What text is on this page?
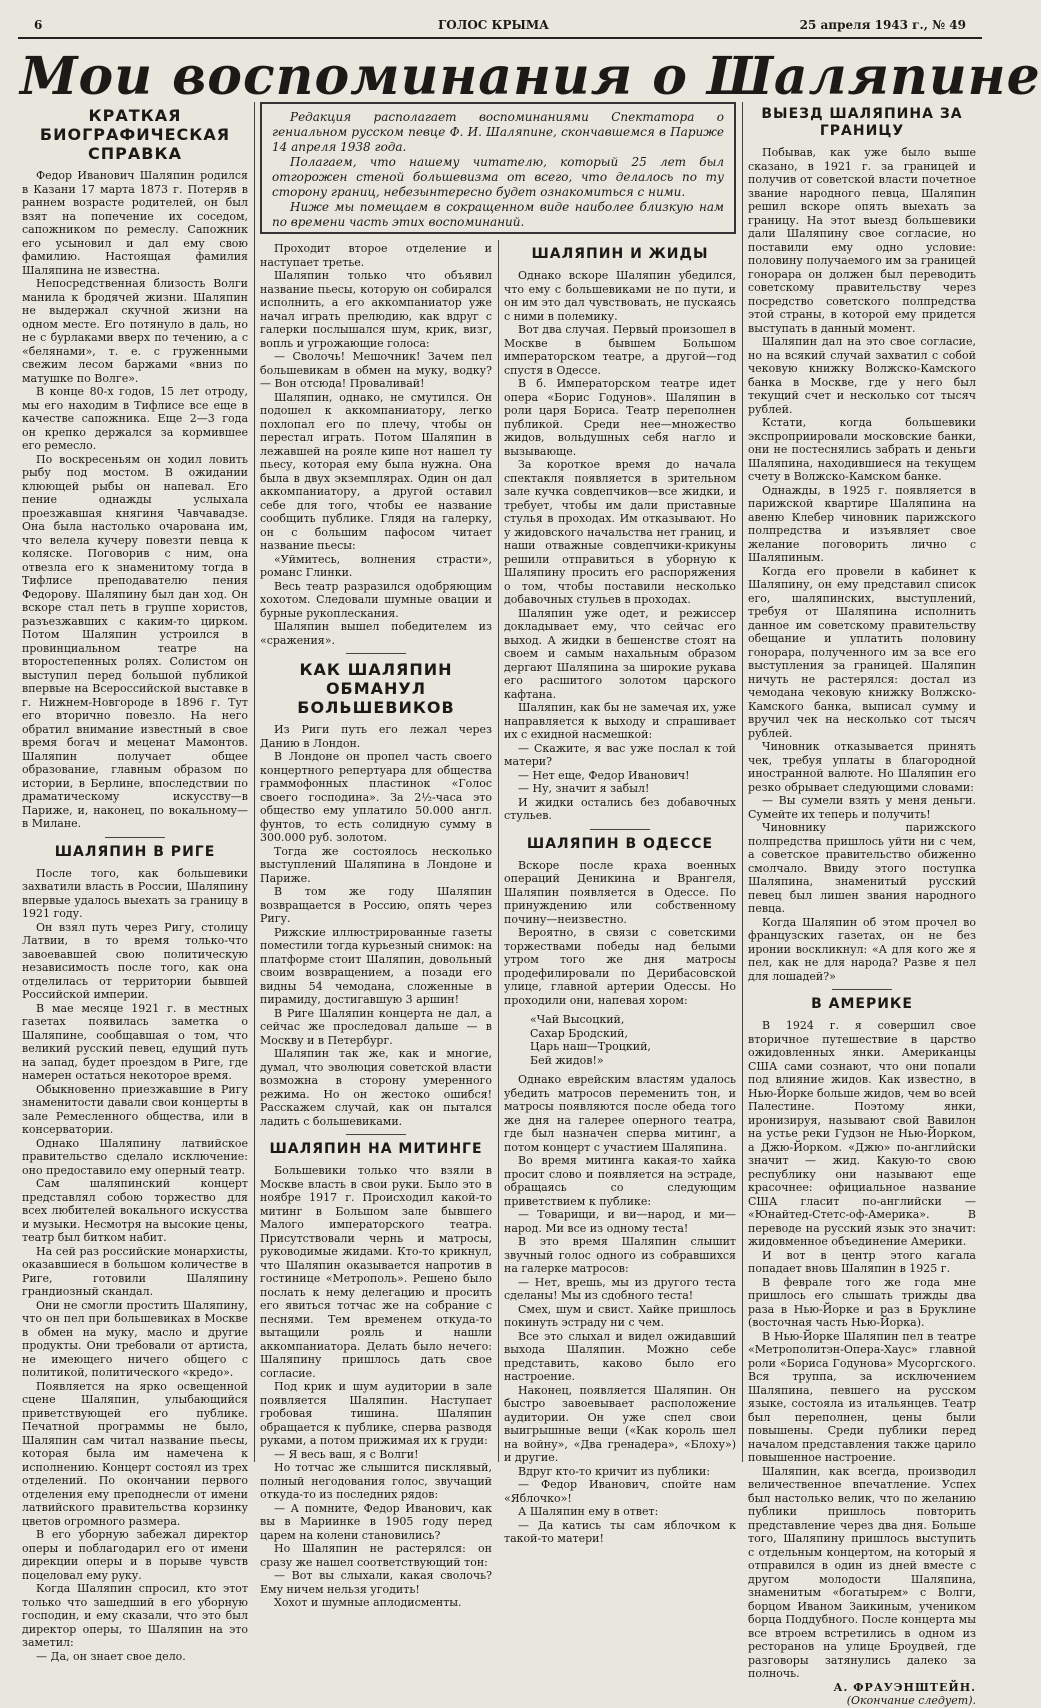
6	ГОЛОС КРЫМА	25 апреля 1943 г., № 49
Мои воспоминания о Шаляпине

Редакция располагает воспоминаниями Спектатора о гениальном русском певце Ф. И. Шаляпине, скончавшемся в Париже 14 апреля 1938 года.

Полагаем, что нашему читателю, который 25 лет был отгорожен стеной большевизма от всего, что делалось по ту сторону границ, небезынтересно будет ознакомиться с ними.

Ниже мы помещаем в сокращенном виде наиболее близкую нам по времени часть этих воспоминаний.

КРАТКАЯ БИОГРАФИЧЕСКАЯ СПРАВКА

Федор Иванович Шаляпин родился в Казани 17 марта 1873 г. Потеряв в раннем возрасте родителей, он был взят на попечение их соседом, сапожником по ремеслу. Сапожник его усыновил и дал ему свою фамилию. Настоящая фамилия Шаляпина не известна.

Непосредственная близость Волги манила к бродячей жизни. Шаляпин не выдержал скучной жизни на одном месте. Его потянуло в даль, но не с бурлаками вверх по течению, а с «белянами», т. е. с груженными свежим лесом баржами «вниз по матушке по Волге».

В конце 80-х годов, 15 лет отроду, мы его находим в Тифлисе все еще в качестве сапожника. Еще 2—3 года он крепко держался за кормившее его ремесло.

По воскресеньям он ходил ловить рыбу под мостом. В ожидании клюющей рыбы он напевал. Его пение однажды услыхала проезжавшая княгиня Чавчавадзе. Она была настолько очарована им, что велела кучеру повезти певца к коляске. Поговорив с ним, она отвезла его к знаменитому тогда в Тифлисе преподавателю пения Федорову. Шаляпину был дан ход. Он вскоре стал петь в группе хористов, разъезжавших с каким-то цирком. Потом Шаляпин устроился в провинциальном театре на второстепенных ролях. Солистом он выступил перед большой публикой впервые на Всероссийской выставке в г. Нижнем-Новгороде в 1896 г. Тут его вторично повезло. На него обратил внимание известный в свое время богач и меценат Мамонтов. Шаляпин получает общее образование, главным образом по истории, в Берлине, впоследствии по драматическому искусству—в Париже, и, наконец, по вокальному—в Милане.

ШАЛЯПИН В РИГЕ

После того, как большевики захватили власть в России, Шаляпину впервые удалось выехать за границу в 1921 году.

Он взял путь через Ригу, столицу Латвии, в то время только-что завоевавшей свою политическую независимость после того, как она отделилась от территории бывшей Российской империи.

В мае месяце 1921 г. в местных газетах появилась заметка о Шаляпине, сообщавшая о том, что великий русский певец, едущий путь на запад, будет проездом в Риге, где намерен остаться некоторое время.

Обыкновенно приезжавшие в Ригу знаменитости давали свои концерты в зале Ремесленного общества, или в консерватории.

Однако Шаляпину латвийское правительство сделало исключение: оно предоставило ему оперный театр.

Сам шаляпинский концерт представлял собою торжество для всех любителей вокального искусства и музыки. Несмотря на высокие цены, театр был битком набит.

На сей раз российские монархисты, оказавшиеся в большом количестве в Риге, готовили Шаляпину грандиозный скандал.

Они не смогли простить Шаляпину, что он пел при большевиках в Москве в обмен на муку, масло и другие продукты. Они требовали от артиста, не имеющего ничего общего с политикой, политического «кредо».

Появляется на ярко освещенной сцене Шаляпин, улыбающийся приветствующей его публике. Печатной программы не было, Шаляпин сам читал название пьесы, которая была им намечена к исполнению. Концерт состоял из трех отделений. По окончании первого отделения ему преподнесли от имени латвийского правительства корзинку цветов огромного размера.

В его уборную забежал директор оперы и поблагодарил его от имени дирекции оперы и в порыве чувств поцеловал ему руку.

Когда Шаляпин спросил, кто этот только что зашедший в его уборную господин, и ему сказали, что это был директор оперы, то Шаляпин на это заметил:

— Да, он знает свое дело.

Проходит второе отделение и наступает третье.

Шаляпин только что объявил название пьесы, которую он собирался исполнить, а его аккомпаниатор уже начал играть прелюдию, как вдруг с галерки послышался шум, крик, визг, вопль и угрожающие голоса:

— Сволочь! Мешочник! Зачем пел большевикам в обмен на муку, водку? — Вон отсюда! Проваливай!

Шаляпин, однако, не смутился. Он подошел к аккомпаниатору, легко похлопал его по плечу, чтобы он перестал играть. Потом Шаляпин в лежавшей на рояле кипе нот нашел ту пьесу, которая ему была нужна. Она была в двух экземплярах. Один он дал аккомпаниатору, а другой оставил себе для того, чтобы ее название сообщить публике. Глядя на галерку, он с большим пафосом читает название пьесы:

«Уймитесь, волнения страсти», романс Глинки.

Весь театр разразился одобряющим хохотом. Следовали шумные овации и бурные рукоплескания.

Шаляпин вышел победителем из «сражения».

КАК ШАЛЯПИН ОБМАНУЛ БОЛЬШЕВИКОВ

Из Риги путь его лежал через Данию в Лондон.

В Лондоне он пропел часть своего концертного репертуара для общества граммофонных пластинок «Голос своего господина». За 2½-часа это общество ему уплатило 50.000 англ. фунтов, то есть солидную сумму в 300.000 руб. золотом.

Тогда же состоялось несколько выступлений Шаляпина в Лондоне и Париже.

В том же году Шаляпин возвращается в Россию, опять через Ригу.

Рижские иллюстрированные газеты поместили тогда курьезный снимок: на платформе стоит Шаляпин, довольный своим возвращением, а позади его видны 54 чемодана, сложенные в пирамиду, достигавшую 3 аршин!

В Риге Шаляпин концерта не дал, а сейчас же проследовал дальше — в Москву и в Петербург.

Шаляпин так же, как и многие, думал, что эволюция советской власти возможна в сторону умеренного режима. Но он жестоко ошибся! Расскажем случай, как он пытался ладить с большевиками.

ШАЛЯПИН НА МИТИНГЕ

Большевики только что взяли в Москве власть в свои руки. Было это в ноябре 1917 г. Происходил какой-то митинг в Большом зале бывшего Малого императорского театра. Присутствовали чернь и матросы, руководимые жидами. Кто-то крикнул, что Шаляпин оказывается напротив в гостинице «Метрополь». Решено было послать к нему делегацию и просить его явиться тотчас же на собрание с песнями. Тем временем откуда-то вытащили рояль и нашли аккомпаниатора. Делать было нечего: Шаляпину пришлось дать свое согласие.

Под крик и шум аудитории в зале появляется Шаляпин. Наступает гробовая тишина. Шаляпин обращается к публике, сперва разводя руками, а потом прижимая их к груди:

— Я весь ваш, я с Волги!

Но тотчас же слышится писклявый, полный негодования голос, звучащий откуда-то из последних рядов:

— А помните, Федор Иванович, как вы в Мариинке в 1905 году перед царем на колени становились?

Но Шаляпин не растерялся: он сразу же нашел соответствующий тон:

— Вот вы слыхали, какая сволочь? Ему ничем нельзя угодить!

Хохот и шумные аплодисменты.

ШАЛЯПИН И ЖИДЫ

Однако вскоре Шаляпин убедился, что ему с большевиками не по пути, и он им это дал чувствовать, не пускаясь с ними в полемику.

Вот два случая. Первый произошел в Москве в бывшем Большом императорском театре, а другой—год спустя в Одессе.

В б. Императорском театре идет опера «Борис Годунов». Шаляпин в роли царя Бориса. Театр переполнен публикой. Среди нее—множество жидов, вольдушных себя нагло и вызывающе.

За короткое время до начала спектакля появляется в зрительном зале кучка совдепчиков—все жидки, и требует, чтобы им дали приставные стулья в проходах. Им отказывают. Но у жидовского начальства нет границ, и наши отважные совдепчики-крикуны решили отправиться в уборную к Шаляпину просить его распоряжения о том, чтобы поставили несколько добавочных стульев в проходах.

Шаляпин уже одет, и режиссер докладывает ему, что сейчас его выход. А жидки в бешенстве стоят на своем и самым нахальным образом дергают Шаляпина за широкие рукава его расшитого золотом царского кафтана.

Шаляпин, как бы не замечая их, уже направляется к выходу и спрашивает их с ехидной насмешкой:

— Скажите, я вас уже послал к той матери?

— Нет еще, Федор Иванович!

— Ну, значит я забыл!

И жидки остались без добавочных стульев.

ШАЛЯПИН В ОДЕССЕ

Вскоре после краха военных операций Деникина и Врангеля, Шаляпин появляется в Одессе. По принуждению или собственному почину—неизвестно.

Вероятно, в связи с советскими торжествами победы над белыми утром того же дня матросы продефилировали по Дерибасовской улице, главной артерии Одессы. Но проходили они, напевая хором:

«Чай Высоцкий,
Сахар Бродский,
Царь наш—Троцкий,
Бей жидов!»

Однако еврейским властям удалось убедить матросов переменить тон, и матросы появляются после обеда того же дня на галерее оперного театра, где был назначен сперва митинг, а потом концерт с участием Шаляпина.

Во время митинга какая-то хайка просит слово и появляется на эстраде, обращаясь со следующим приветствием к публике:

— Товарищи, и ви—народ, и ми—народ. Ми все из одному теста!

В это время Шаляпин слышит звучный голос одного из собравшихся на галерке матросов:

— Нет, врешь, мы из другого теста сделаны! Мы из сдобного теста!

Смех, шум и свист. Хайке пришлось покинуть эстраду ни с чем.

Все это слыхал и видел ожидавший выхода Шаляпин. Можно себе представить, каково было его настроение.

Наконец, появляется Шаляпин. Он быстро завоевывает расположение аудитории. Он уже спел свои выигрышные вещи («Как король шел на войну», «Два гренадера», «Блоху») и другие.

Вдруг кто-то кричит из публики:

— Федор Иванович, спойте нам «Яблочко»!

А Шаляпин ему в ответ:

— Да катись ты сам яблочком к такой-то матери!

ВЫЕЗД ШАЛЯПИНА ЗА ГРАНИЦУ

Побывав, как уже было выше сказано, в 1921 г. за границей и получив от советской власти почетное звание народного певца, Шаляпин решил вскоре опять выехать за границу. На этот выезд большевики дали Шаляпину свое согласие, но поставили ему одно условие: половину получаемого им за границей гонорара он должен был переводить советскому правительству через посредство советского полпредства этой страны, в которой ему придется выступать в данный момент.

Шаляпин дал на это свое согласие, но на всякий случай захватил с собой чековую книжку Волжско-Камского банка в Москве, где у него был текущий счет и несколько сот тысяч рублей.

Кстати, когда большевики экспроприировали московские банки, они не постеснялись забрать и деньги Шаляпина, находившиеся на текущем счету в Волжско-Камском банке.

Однажды, в 1925 г. появляется в парижской квартире Шаляпина на авеню Клебер чиновник парижского полпредства и изъявляет свое желание поговорить лично с Шаляпиным.

Когда его провели в кабинет к Шаляпину, он ему представил список его, шаляпинских, выступлений, требуя от Шаляпина исполнить данное им советскому правительству обещание и уплатить половину гонорара, полученного им за все его выступления за границей. Шаляпин ничуть не растерялся: достал из чемодана чековую книжку Волжско-Камского банка, выписал сумму и вручил чек на несколько сот тысяч рублей.

Чиновник отказывается принять чек, требуя уплаты в благородной иностранной валюте. Но Шаляпин его резко обрывает следующими словами:

— Вы сумели взять у меня деньги. Сумейте их теперь и получить!

Чиновнику парижского полпредства пришлось уйти ни с чем, а советское правительство обиженно смолчало. Ввиду этого поступка Шаляпина, знаменитый русский певец был лишен звания народного певца.

Когда Шаляпин об этом прочел во французских газетах, он не без иронии воскликнул: «А для кого же я пел, как не для народа? Разве я пел для лошадей?»

В АМЕРИКЕ

В 1924 г. я совершил свое вторичное путешествие в царство ожидовленных янки. Американцы США сами сознают, что они попали под влияние жидов. Как известно, в Нью-Йорке больше жидов, чем во всей Палестине. Поэтому янки, иронизируя, называют свой Вавилон на устье реки Гудзон не Нью-Йорком, а Джю-Йорком. «Джю» по-английски значит — жид. Какую-то свою республику они называют еще красочнее: официальное название США гласит по-английски — «Юнайтед-Стетс-оф-Америка». В переводе на русский язык это значит: жидовменное объединение Америки.

И вот в центр этого кагала попадает вновь Шаляпин в 1925 г.

В феврале того же года мне пришлось его слышать трижды два раза в Нью-Йорке и раз в Бруклине (восточная часть Нью-Йорка).

В Нью-Йорке Шаляпин пел в театре «Метрополитэн-Опера-Хаус» главной роли «Бориса Годунова» Мусоргского. Вся труппа, за исключением Шаляпина, певшего на русском языке, состояла из итальянцев. Театр был переполнен, цены были повышены. Среди публики перед началом представления также царило повышенное настроение.

Шаляпин, как всегда, производил величественное впечатление. Успех был настолько велик, что по желанию публики пришлось повторить представление через два дня. Больше того, Шаляпину пришлось выступить с отдельным концертом, на который я отправился в один из дней вместе с другом молодости Шаляпина, знаменитым «богатырем» с Волги, борцом Иваном Заикиным, учеником борца Поддубного. После концерта мы все втроем встретились в одном из ресторанов на улице Броудвей, где разговоры затянулись далеко за полночь.

А. ФРАУЭНШТЕЙН.

(Окончание следует).
